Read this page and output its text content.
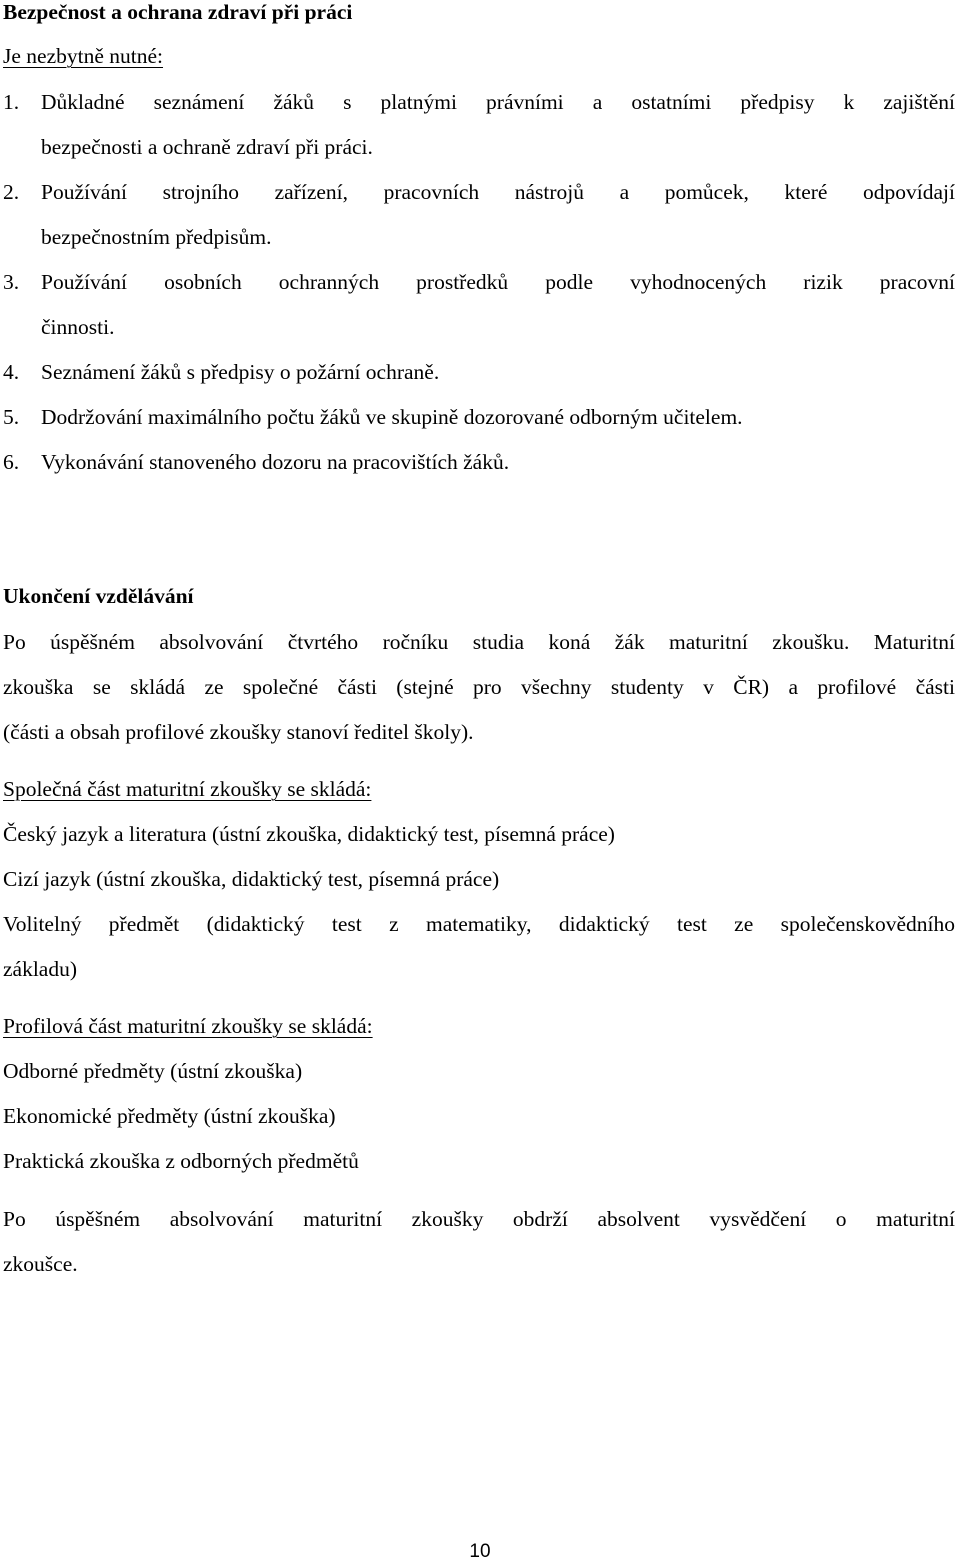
Bezpečnost a ochrana zdraví při práci

Je nezbytně nutné:

1. Důkladné seznámení žáků s platnými právními a ostatními předpisy k zajištění
bezpečnosti a ochraně zdraví při práci.
2. Používání strojního zařízení, pracovních nástrojů a pomůcek, které odpovídají
bezpečnostním předpisům.
3. Používání osobních ochranných prostředků podle vyhodnocených rizik pracovní
činnosti.
4. Seznámení žáků s předpisy o požární ochraně.
5. Dodržování maximálního počtu žáků ve skupině dozorované odborným učitelem.
6. Vykonávání stanoveného dozoru na pracovištích žáků.

Ukončení vzdělávání

Po úspěšném absolvování čtvrtého ročníku studia koná žák maturitní zkoušku. Maturitní

zkouška se skládá ze společné části (stejné pro všechny studenty v ČR) a profilové části

(části a obsah profilové zkoušky stanoví ředitel školy).

Společná část maturitní zkoušky se skládá:

Český jazyk a literatura (ústní zkouška, didaktický test, písemná práce)

Cizí jazyk (ústní zkouška, didaktický test, písemná práce)

Volitelný předmět (didaktický test z matematiky, didaktický test ze společenskovědního

základu)

Profilová část maturitní zkoušky se skládá:

Odborné předměty (ústní zkouška)

Ekonomické předměty (ústní zkouška)

Praktická zkouška z odborných předmětů

Po úspěšném absolvování maturitní zkoušky obdrží absolvent vysvědčení o maturitní

zkoušce.

10
